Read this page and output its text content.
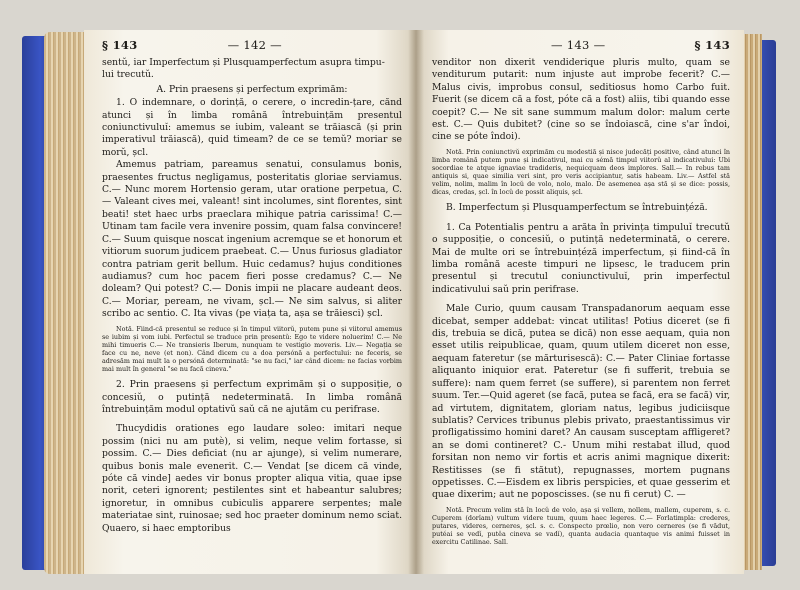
§ 143	— 142 —

sentŭ, iar Imperfectum și Plusquamperfectum asupra timpu-

lui trecutŭ.

A. Prin praesens și perfectum exprimăm:

1. O indemnare, o dorință, o cerere, o incredin-țare, cănd atunci și în limba română întrebuințăm presentul coniunctivuluĭ: amemus se iubim, valeant se trăiască (și prin imperativul trăiască), quid timeam? de ce se temŭ? moriar se morŭ, șcl.

Amemus patriam, pareamus senatui, consulamus bonis, praesentes fructus negligamus, posteritatis gloriae serviamus. C.— Nunc morem Hortensio geram, utar oratione perpetua, C.— Valeant cives mei, valeant! sint incolumes, sint florentes, sint beati! stet haec urbs praeclara mihique patria carissima! C.— Utinam tam facile vera invenire possim, quam falsa convincere! C.— Suum quisque noscat ingenium acremque se et honorum et vitiorum suorum judicem praebeat. C.— Unus furiosus gladiator contra patriam gerit bellum. Huic cedamus? hujus conditiones audiamus? cum hoc pacem fieri posse credamus? C.— Ne doleam? Qui potest? C.— Donis impii ne placare audeant deos. C.— Moriar, peream, ne vivam, șcl.— Ne sim salvus, si aliter scribo ac sentio. C. Ita vivas (pe viața ta, așa se trăiesci) șcl.

Notă. Fiind-că presentul se reduce și în timpul viitorŭ, putem pune și viitorul amemus se iubim și vom iubi. Perfectul se traduce prin presentŭ: Ego te videre noluerim! C.— Ne mihi timueris C.— Ne transieris Iberum, nunquam te vestigio moveris. Liv.— Negația se face cu ne, neve (et non). Când dicem cu a doa persónă a perfectului: ne feceris, se adresăm mai mult la o persónă determinată: "se nu faci," iar când dicem: ne facias vorbim mai mult în general "se nu facă cineva."

2. Prin praesens și perfectum exprimăm și o supposiție, o concesiŭ, o putință nedeterminată. In limba română întrebuințăm modul optativŭ saŭ că ne ajutăm cu perifrase.

Thucydidis orationes ego laudare soleo: imitari neque possim (nici nu am putè), si velim, neque velim fortasse, si possim. C.— Dies deficiat (nu ar ajunge), si velim numerare, quibus bonis male evenerit. C.— Vendat [se dicem că vinde, póte că vinde] aedes vir bonus propter aliqua vitia, quae ipse norit, ceteri ignorent; pestilentes sint et habeantur salubres; ignoretur, in omnibus cubiculis apparere serpentes; male materiatae sint, ruinosae; sed hoc praeter dominum nemo sciat. Quaero, si haec emptoribus

— 143 —	§ 143

venditor non dixerit vendiderique pluris multo, quam se venditurum putarit: num injuste aut improbe fecerit? C.—Malus civis, improbus consul, seditiosus homo Carbo fuit. Fuerit (se dicem că a fost, póte că a fost) aliis, tibi quando esse coepit? C.— Ne sit sane summum malum dolor: malum certe est. C.— Quis dubitet? (cine so se îndoiască, cine s'ar îndoi, cine se póte îndoi).

Notă. Prin coniunctivŭ exprimăm cu modestiă și nisce judecăți positive, când atunci în limba română putem pune și indicativul, mai cu sémă timpul viitorŭ al indicativului: Ubi socordiae te atque ignaviae tradideris, nequicquam deos implores. Sall.— In rebus tam antiquis si, quae similia veri sint, pro veris accipiantur, satis habeam. Liv.— Astfel stă velim, nolim, malim în locŭ de volo, nolo, malo. De asemenea așa stă și se dice: possis, dicas, credas, șcl. în locŭ de possit aliquis, șcl.

B. Imperfectum și Plusquamperfectum se întrebuințéză.

1. Ca Potentialis pentru a arăta în privința timpuluĭ trecutŭ o supposiție, o concesiŭ, o putință nedeterminată, o cerere. Mai de multe ori se întrebuințéză imperfectum, și fiind-că în limba română aceste timpuri ne lipsesc, le traducem prin presentul și trecutul coniunctivuluĭ, prin imperfectul indicativului saŭ prin perifrase.

Male Curio, quum causam Transpadanorum aequam esse dicebat, semper addebat: vincat utilitas! Potius diceret (se fi dis, trebuia se dică, putea se dică) non esse aequam, quia non esset utilis reipublicae, quam, quum utilem diceret non esse, aequam fateretur (se mărturisescă): C.— Pater Cliniae fortasse aliquanto iniquior erat. Pateretur (se fi sufferit, trebuia se suffere): nam quem ferret (se suffere), si parentem non ferret suum. Ter.—Quid ageret (se facă, putea se facă, era se facă) vir, ad virtutem, dignitatem, gloriam natus, legibus judiciisque sublatis? Cervices tribunus plebis privato, praestantissimus vir profligatissimo homini daret? An causam susceptam affligeret? an se domi contineret? C.- Unum mihi restabat illud, quod forsitan non nemo vir fortis et acris animi magnique dixerit: Restitisses (se fi stătut), repugnasses, mortem pugnans oppetisses. C.—Eisdem ex libris perspicies, et quae gesserim et quae dixerim; aut ne poposcisses. (se nu fi cerut) C. —

Notă. Precum velim stă în locŭ de volo, așa și vellem, nollem, mallem, cuperem, s. c. Cuperem (dorĭam) vultum videre tuum, quum haec legeres. C.— Forlatimpla: crederes, putares, videres, cerneres, șcl. s. c. Conspecto prœlio, non vero cerneres (se fi vădut, putéai se vedĭ, putĕa cineva se vadĭ), quanta audacia quantaque vis animi fuisset in exercitu Catilinae. Sall.
